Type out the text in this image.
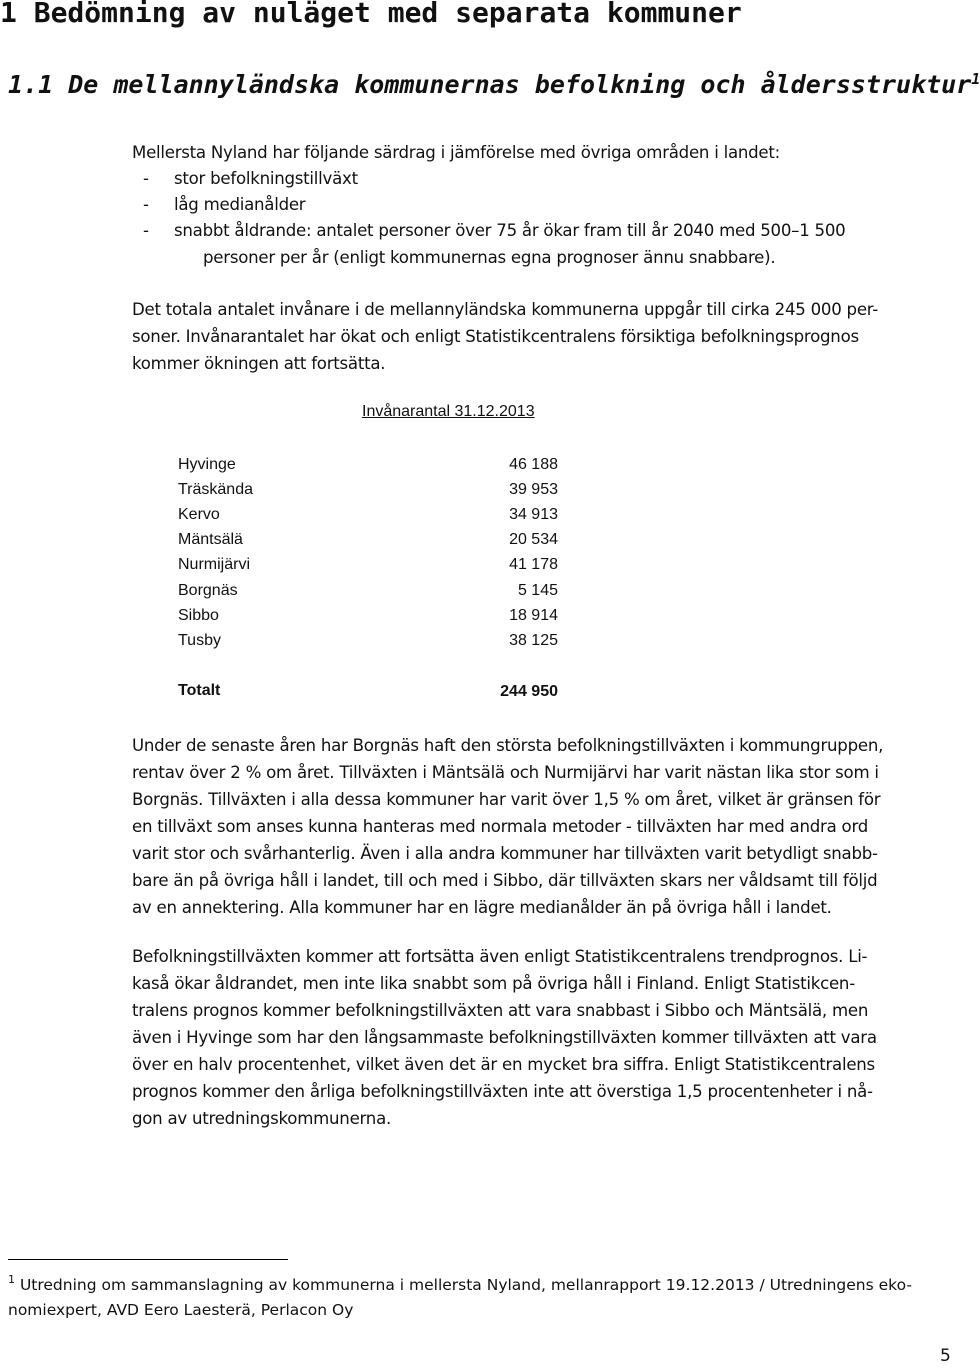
1 Bedömning av nuläget med separata kommuner
1.1 De mellannyländska kommunernas befolkning och åldersstruktur$^1$
Mellersta Nyland har följande särdrag i jämförelse med övriga områden i landet:
- stor befolkningstillväxt
- låg medianålder
- snabbt åldrande: antalet personer över 75 år ökar fram till år 2040 med 500–1 500
personer per år (enligt kommunernas egna prognoser ännu snabbare).
Det totala antalet invånare i de mellannyländska kommunerna uppgår till cirka 245 000 per-
soner. Invånarantalet har ökat och enligt Statistikcentralens försiktiga befolkningsprognos
kommer ökningen att fortsätta.
Invånarantal 31.12.2013
Hyvinge	46 188
Träskända	39 953
Kervo	34 913
Mäntsälä	20 534
Nurmijärvi	41 178
Borgnäs	5 145
Sibbo	18 914
Tusby	38 125
Totalt	244 950
Under de senaste åren har Borgnäs haft den största befolkningstillväxten i kommungruppen,
rentav över 2 % om året. Tillväxten i Mäntsälä och Nurmijärvi har varit nästan lika stor som i
Borgnäs. Tillväxten i alla dessa kommuner har varit över 1,5 % om året, vilket är gränsen för
en tillväxt som anses kunna hanteras med normala metoder - tillväxten har med andra ord
varit stor och svårhanterlig. Även i alla andra kommuner har tillväxten varit betydligt snabb-
bare än på övriga håll i landet, till och med i Sibbo, där tillväxten skars ner våldsamt till följd
av en annektering. Alla kommuner har en lägre medianålder än på övriga håll i landet.
Befolkningstillväxten kommer att fortsätta även enligt Statistikcentralens trendprognos. Li-
kaså ökar åldrandet, men inte lika snabbt som på övriga håll i Finland. Enligt Statistikcen-
tralens prognos kommer befolkningstillväxten att vara snabbast i Sibbo och Mäntsälä, men
även i Hyvinge som har den långsammaste befolkningstillväxten kommer tillväxten att vara
över en halv procentenhet, vilket även det är en mycket bra siffra. Enligt Statistikcentralens
prognos kommer den årliga befolkningstillväxten inte att överstiga 1,5 procentenheter i nå-
gon av utredningskommunerna.
$^1$ Utredning om sammanslagning av kommunerna i mellersta Nyland, mellanrapport 19.12.2013 / Utredningens eko-
nomiexpert, AVD Eero Laesterä, Perlacon Oy
5
